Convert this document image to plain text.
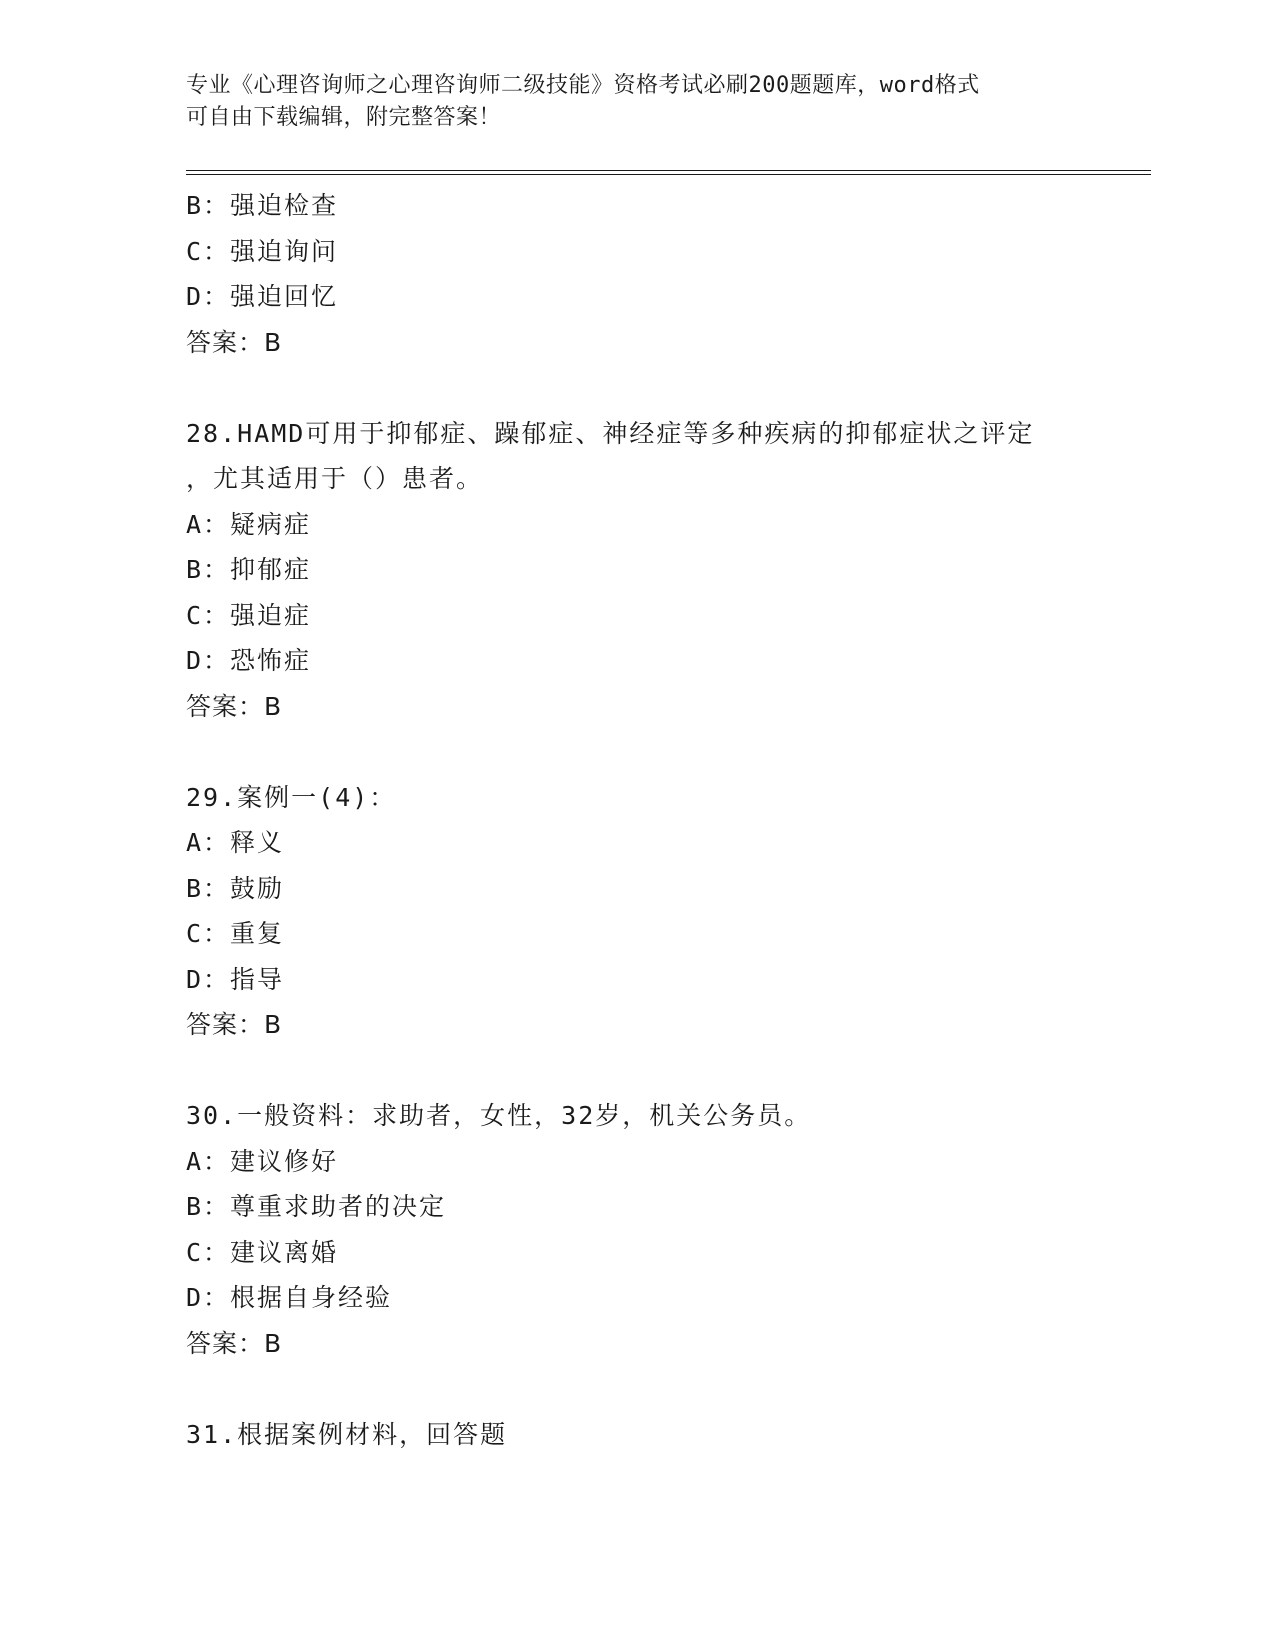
专业《心理咨询师之心理咨询师二级技能》资格考试必刷200题题库，word格式
可自由下载编辑，附完整答案！
B：强迫检查
C：强迫询问
D：强迫回忆
答案：B
28.HAMD可用于抑郁症、躁郁症、神经症等多种疾病的抑郁症状之评定
，尤其适用于（）患者。
A：疑病症
B：抑郁症
C：强迫症
D：恐怖症
答案：B
29.案例一(4)：
A：释义
B：鼓励
C：重复
D：指导
答案：B
30.一般资料：求助者，女性，32岁，机关公务员。
A：建议修好
B：尊重求助者的决定
C：建议离婚
D：根据自身经验
答案：B
31.根据案例材料，回答题
